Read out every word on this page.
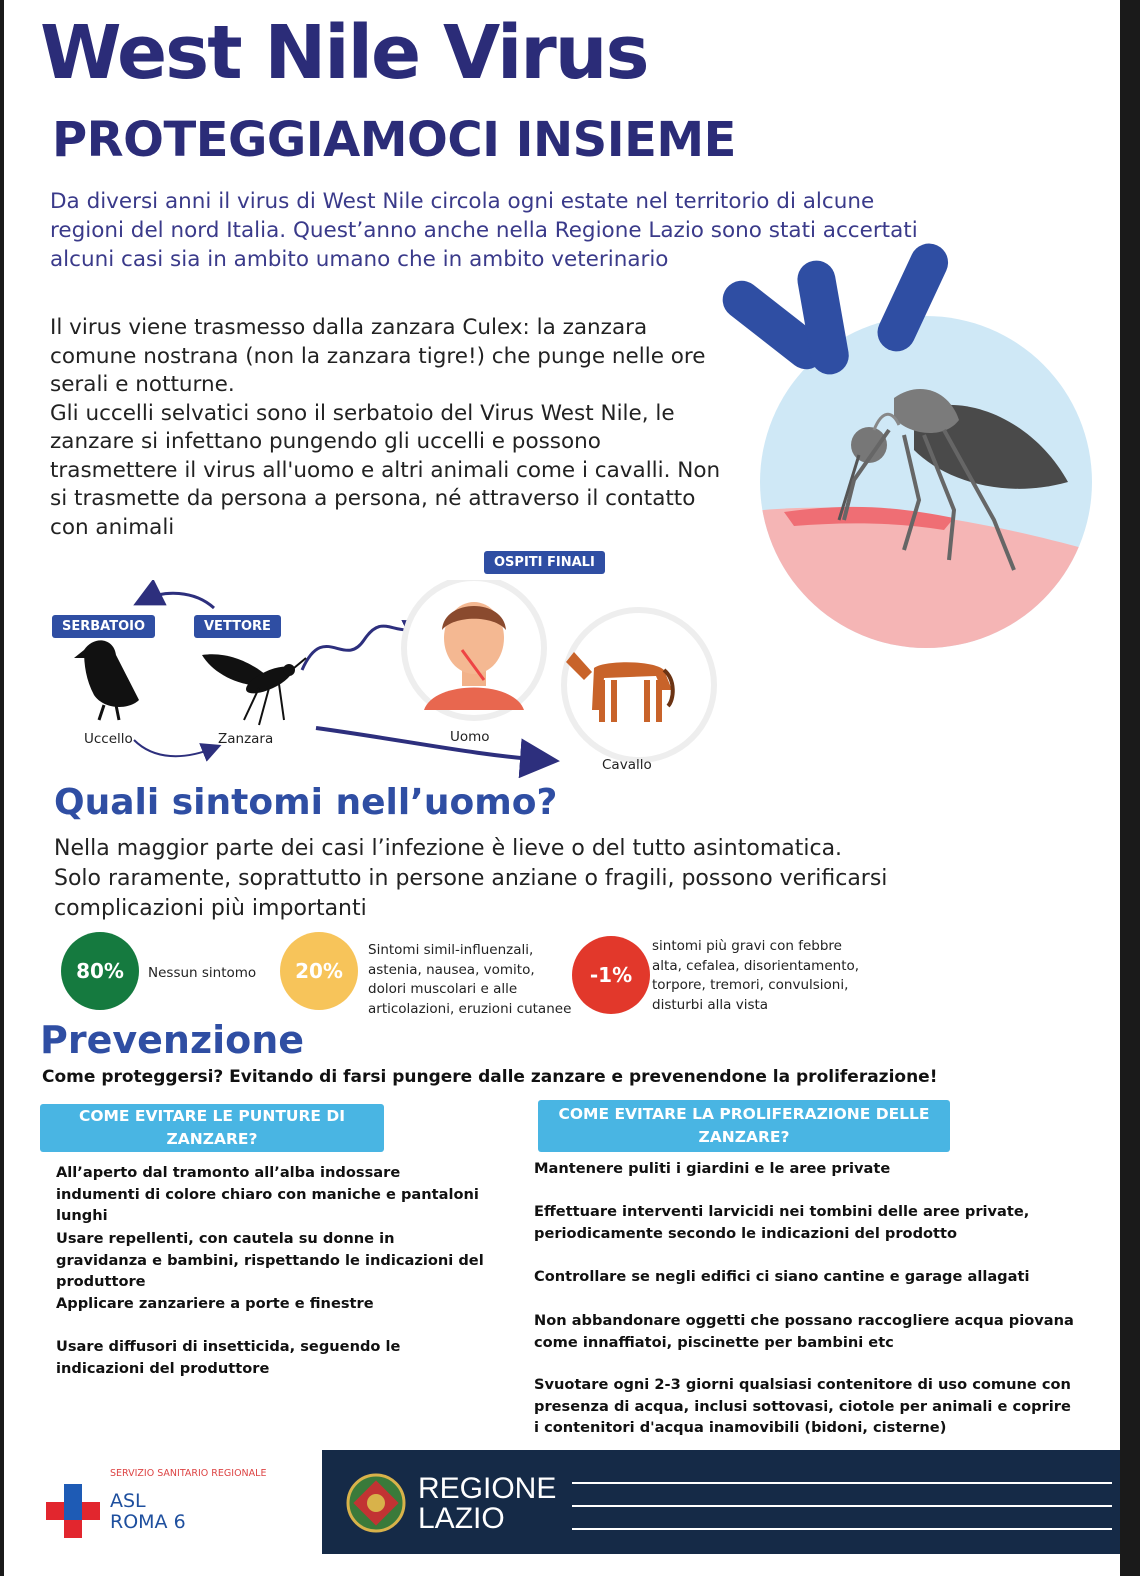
West Nile Virus
PROTEGGIAMOCI INSIEME
Da diversi anni il virus di West Nile circola ogni estate nel territorio di alcune regioni del nord Italia. Quest’anno anche nella Regione Lazio sono stati accertati alcuni casi sia in ambito umano che in ambito veterinario
Il virus viene trasmesso dalla zanzara Culex: la zanzara comune nostrana (non la zanzara tigre!) che punge nelle ore serali e notturne.
Gli uccelli selvatici sono il serbatoio del Virus West Nile, le zanzare si infettano pungendo gli uccelli e possono trasmettere il virus all'uomo e altri animali come i cavalli. Non si trasmette da persona a persona, né attraverso il contatto con animali
OSPITI FINALI
SERBATOIO	VETTORE
Uccello	Zanzara	Uomo
Cavallo
Quali sintomi nell’uomo?
Nella maggior parte dei casi l’infezione è lieve o del tutto asintomatica.
Solo raramente, soprattutto in persone anziane o fragili, possono verificarsi complicazioni più importanti
80%	Nessun sintomo	20%
Sintomi simil-influenzali, astenia, nausea, vomito, dolori muscolari e alle articolazioni, eruzioni cutanee
-1%
sintomi più gravi con febbre alta, cefalea, disorientamento, torpore, tremori, convulsioni, disturbi alla vista
Prevenzione
Come proteggersi? Evitando di farsi pungere dalle zanzare e prevenendone la proliferazione!
COME EVITARE LE PUNTURE DI ZANZARE?
COME EVITARE LA PROLIFERAZIONE DELLE ZANZARE?
All’aperto dal tramonto all’alba indossare indumenti di colore chiaro con maniche e pantaloni lunghi
Usare repellenti, con cautela su donne in gravidanza e bambini, rispettando le indicazioni del produttore
Applicare zanzariere a porte e finestre
Usare diffusori di insetticida, seguendo le indicazioni del produttore
Mantenere puliti i giardini e le aree private
Effettuare interventi larvicidi nei tombini delle aree private, periodicamente secondo le indicazioni del prodotto
Controllare se negli edifici ci siano cantine e garage allagati
Non abbandonare oggetti che possano raccogliere acqua piovana come innaffiatoi, piscinette per bambini etc
Svuotare ogni 2-3 giorni qualsiasi contenitore di uso comune con presenza di acqua, inclusi sottovasi, ciotole per animali e coprire i contenitori d'acqua inamovibili (bidoni, cisterne)
SERVIZIO SANITARIO REGIONALE
ASL
ROMA 6
REGIONE
LAZIO
